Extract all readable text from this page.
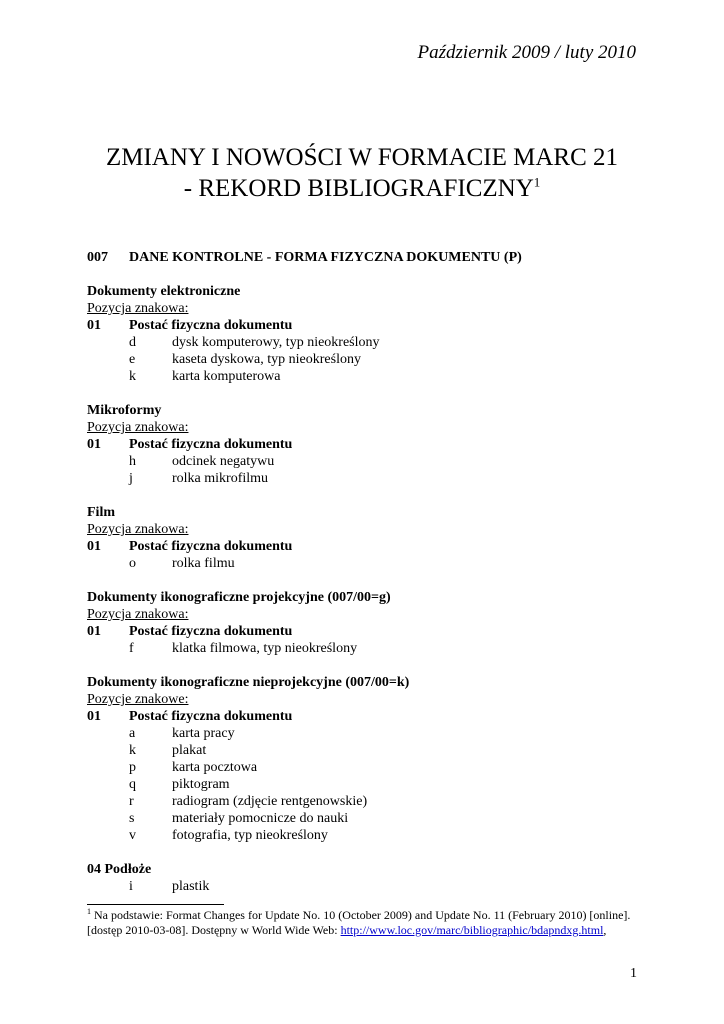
Październik 2009 / luty 2010
ZMIANY I NOWOŚCI W FORMACIE MARC 21
- REKORD BIBLIOGRAFICZNY$^1$
007 DANE KONTROLNE - FORMA FIZYCZNA DOKUMENTU (P)
Dokumenty elektroniczne
Pozycja znakowa:
01 Postać fizyczna dokumentu
d	dysk komputerowy, typ nieokreślony
e	kaseta dyskowa, typ nieokreślony
k	karta komputerowa
Mikroformy
Pozycja znakowa:
01 Postać fizyczna dokumentu
h	odcinek negatywu
j	rolka mikrofilmu
Film
Pozycja znakowa:
01 Postać fizyczna dokumentu
o	rolka filmu
Dokumenty ikonograficzne projekcyjne (007/00=g)
Pozycja znakowa:
01 Postać fizyczna dokumentu
f	klatka filmowa, typ nieokreślony
Dokumenty ikonograficzne nieprojekcyjne (007/00=k)
Pozycje znakowe:
01 Postać fizyczna dokumentu
a	karta pracy
k	plakat
p	karta pocztowa
q	piktogram
r	radiogram (zdjęcie rentgenowskie)
s	materiały pomocnicze do nauki
v	fotografia, typ nieokreślony
04 Podłoże
i	plastik
$^1$ Na podstawie: Format Changes for Update No. 10 (October 2009) and Update No. 11 (February 2010) [online]. [dostęp 2010-03-08]. Dostępny w World Wide Web: http://www.loc.gov/marc/bibliographic/bdapndxg.html,
1
